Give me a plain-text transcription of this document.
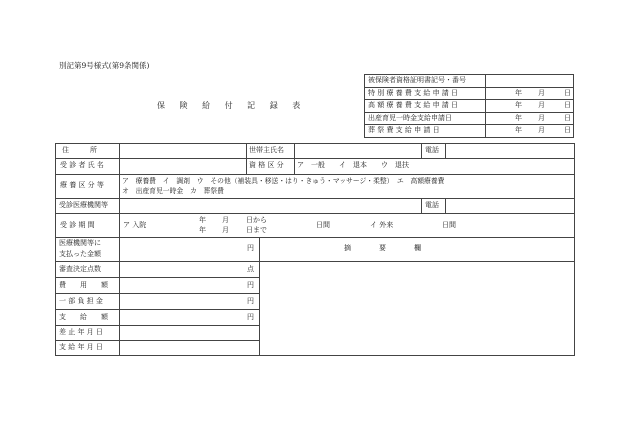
別記第9号様式(第9条関係)
保 険 給 付 記 録 表
被保険者資格証明書記号・番号
特 別 療 養 費 支 給 申 請 日	年 月	日
高 額 療 養 費 支 給 申 請 日	年 月	日
出産育児一時金支給申請日	年 月	日
葬 祭 費 支 給 申 請 日	年 月	日
住　　　所	世帯主氏名	電話
受 診 者 氏 名	資 格 区 分 ア　一般　　イ　退本　　ウ　退扶
療 養 区 分 等	ア　療養費　イ　調剤　ウ　その他（補装具・移送・はり・きゅう・マッサージ・柔整）　エ　高額療養費
オ　出産育児一時金　カ　葬祭費
受診医療機関等	電話
受 診 期 間	ア 入院
年 月 日から
年 月 日まで
日間	イ 外来	日間
医療機関等に
支払った金額
円	摘　　　　要　　　　欄
審査決定点数	点
費　　用　　額	円
一 部 負 担 金	円
支　　給　　額	円
差 止 年 月 日
支 給 年 月 日
